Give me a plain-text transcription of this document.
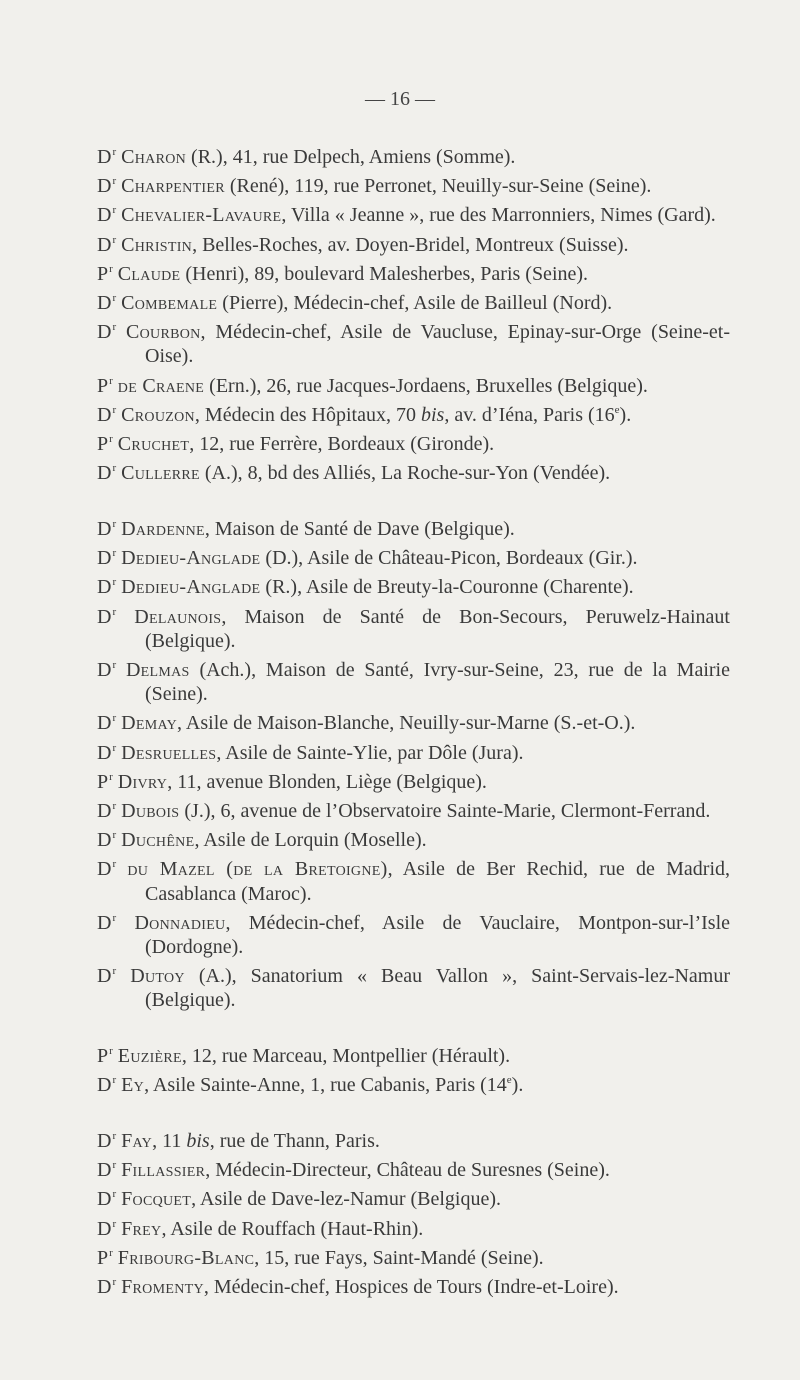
— 16 —

$D^r$ Charon (R.), 41, rue Delpech, Amiens (Somme).

$D^r$ Charpentier (René), 119, rue Perronet, Neuilly-sur-Seine (Seine).

$D^r$ Chevalier-Lavaure, Villa « Jeanne », rue des Marronniers, Nimes (Gard).

$D^r$ Christin, Belles-Roches, av. Doyen-Bridel, Montreux (Suisse).

$P^r$ Claude (Henri), 89, boulevard Malesherbes, Paris (Seine).

$D^r$ Combemale (Pierre), Médecin-chef, Asile de Bailleul (Nord).

$D^r$ Courbon, Médecin-chef, Asile de Vaucluse, Epinay-sur-Orge (Seine-et-Oise).

$P^r$ de Craene (Ern.), 26, rue Jacques-Jordaens, Bruxelles (Belgique).

$D^r$ Crouzon, Médecin des Hôpitaux, 70 bis, av. d’Iéna, Paris (16e).

$P^r$ Cruchet, 12, rue Ferrère, Bordeaux (Gironde).

$D^r$ Cullerre (A.), 8, bd des Alliés, La Roche-sur-Yon (Vendée).

$D^r$ Dardenne, Maison de Santé de Dave (Belgique).

$D^r$ Dedieu-Anglade (D.), Asile de Château-Picon, Bordeaux (Gir.).

$D^r$ Dedieu-Anglade (R.), Asile de Breuty-la-Couronne (Charente).

$D^r$ Delaunois, Maison de Santé de Bon-Secours, Peruwelz-Hainaut (Belgique).

$D^r$ Delmas (Ach.), Maison de Santé, Ivry-sur-Seine, 23, rue de la Mairie (Seine).

$D^r$ Demay, Asile de Maison-Blanche, Neuilly-sur-Marne (S.-et-O.).

$D^r$ Desruelles, Asile de Sainte-Ylie, par Dôle (Jura).

$P^r$ Divry, 11, avenue Blonden, Liège (Belgique).

$D^r$ Dubois (J.), 6, avenue de l’Observatoire Sainte-Marie, Clermont-Ferrand.

$D^r$ Duchêne, Asile de Lorquin (Moselle).

$D^r$ du Mazel (de la Bretoigne), Asile de Ber Rechid, rue de Madrid, Casablanca (Maroc).

$D^r$ Donnadieu, Médecin-chef, Asile de Vauclaire, Montpon-sur-l’Isle (Dordogne).

$D^r$ Dutoy (A.), Sanatorium « Beau Vallon », Saint-Servais-lez-Namur (Belgique).

$P^r$ Euzière, 12, rue Marceau, Montpellier (Hérault).

$D^r$ Ey, Asile Sainte-Anne, 1, rue Cabanis, Paris (14e).

$D^r$ Fay, 11 bis, rue de Thann, Paris.

$D^r$ Fillassier, Médecin-Directeur, Château de Suresnes (Seine).

$D^r$ Focquet, Asile de Dave-lez-Namur (Belgique).

$D^r$ Frey, Asile de Rouffach (Haut-Rhin).

$P^r$ Fribourg-Blanc, 15, rue Fays, Saint-Mandé (Seine).

$D^r$ Fromenty, Médecin-chef, Hospices de Tours (Indre-et-Loire).
